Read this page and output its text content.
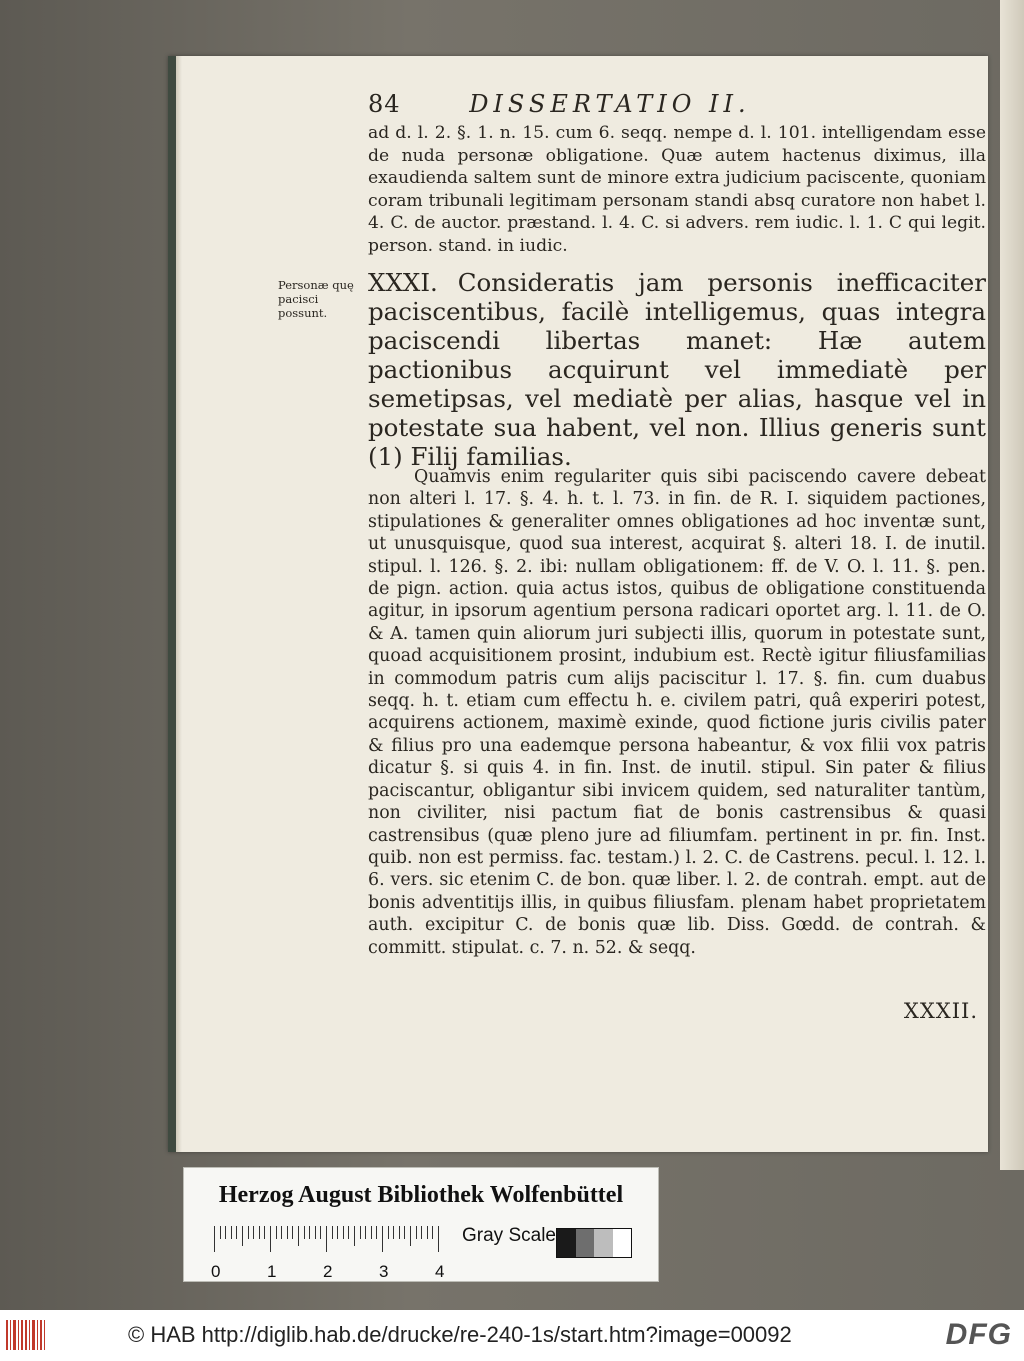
84	DISSERTATIO II.

ad d. l. 2. §. 1. n. 15. cum 6. seqq. nempe d. l. 101. intelligendam esse de nuda personæ obligatione. Quæ autem hactenus diximus, illa exaudienda saltem sunt de minore extra judicium paciscente, quoniam coram tribunali legitimam personam standi absq curatore non habet l. 4. C. de auctor. præstand. l. 4. C. si advers. rem iudic. l. 1. C qui legit. person. stand. in iudic.

Personæ quę pacisci possunt.
XXXI. Consideratis jam personis inefficaciter paciscentibus, facilè intelligemus, quas integra paciscendi libertas manet: Hæ autem pactionibus acquirunt vel immediatè per semetipsas, vel mediatè per alias, hasque vel in potestate sua habent, vel non. Illius generis sunt (1) Filij familias.
Quamvis enim regulariter quis sibi paciscendo cavere debeat non alteri l. 17. §. 4. h. t. l. 73. in fin. de R. I. siquidem pactiones, stipulationes & generaliter omnes obligationes ad hoc inventæ sunt, ut unusquisque, quod sua interest, acquirat §. alteri 18. I. de inutil. stipul. l. 126. §. 2. ibi: nullam obligationem: ff. de V. O. l. 11. §. pen. de pign. action. quia actus istos, quibus de obligatione constituenda agitur, in ipsorum agentium persona radicari oportet arg. l. 11. de O. & A. tamen quin aliorum juri subjecti illis, quorum in potestate sunt, quoad acquisitionem prosint, indubium est. Rectè igitur filiusfamilias in commodum patris cum alijs paciscitur l. 17. §. fin. cum duabus seqq. h. t. etiam cum effectu h. e. civilem patri, quâ experiri potest, acquirens actionem, maximè exinde, quod fictione juris civilis pater & filius pro una eademque persona habeantur, & vox filii vox patris dicatur §. si quis 4. in fin. Inst. de inutil. stipul. Sin pater & filius paciscantur, obligantur sibi invicem quidem, sed naturaliter tantùm, non civiliter, nisi pactum fiat de bonis castrensibus & quasi castrensibus (quæ pleno jure ad filiumfam. pertinent in pr. fin. Inst. quib. non est permiss. fac. testam.) l. 2. C. de Castrens. pecul. l. 12. l. 6. vers. sic etenim C. de bon. quæ liber. l. 2. de contrah. empt. aut de bonis adventitijs illis, in quibus filiusfam. plenam habet proprietatem auth. excipitur C. de bonis quæ lib. Diss. Gœdd. de contrah. & committ. stipulat. c. 7. n. 52. & seqq.
XXXII.
Herzog August Bibliothek Wolfenbüttel
0	1	2	3	4
Gray Scale
© HAB http://diglib.hab.de/drucke/re-240-1s/start.htm?image=00092	DFG
